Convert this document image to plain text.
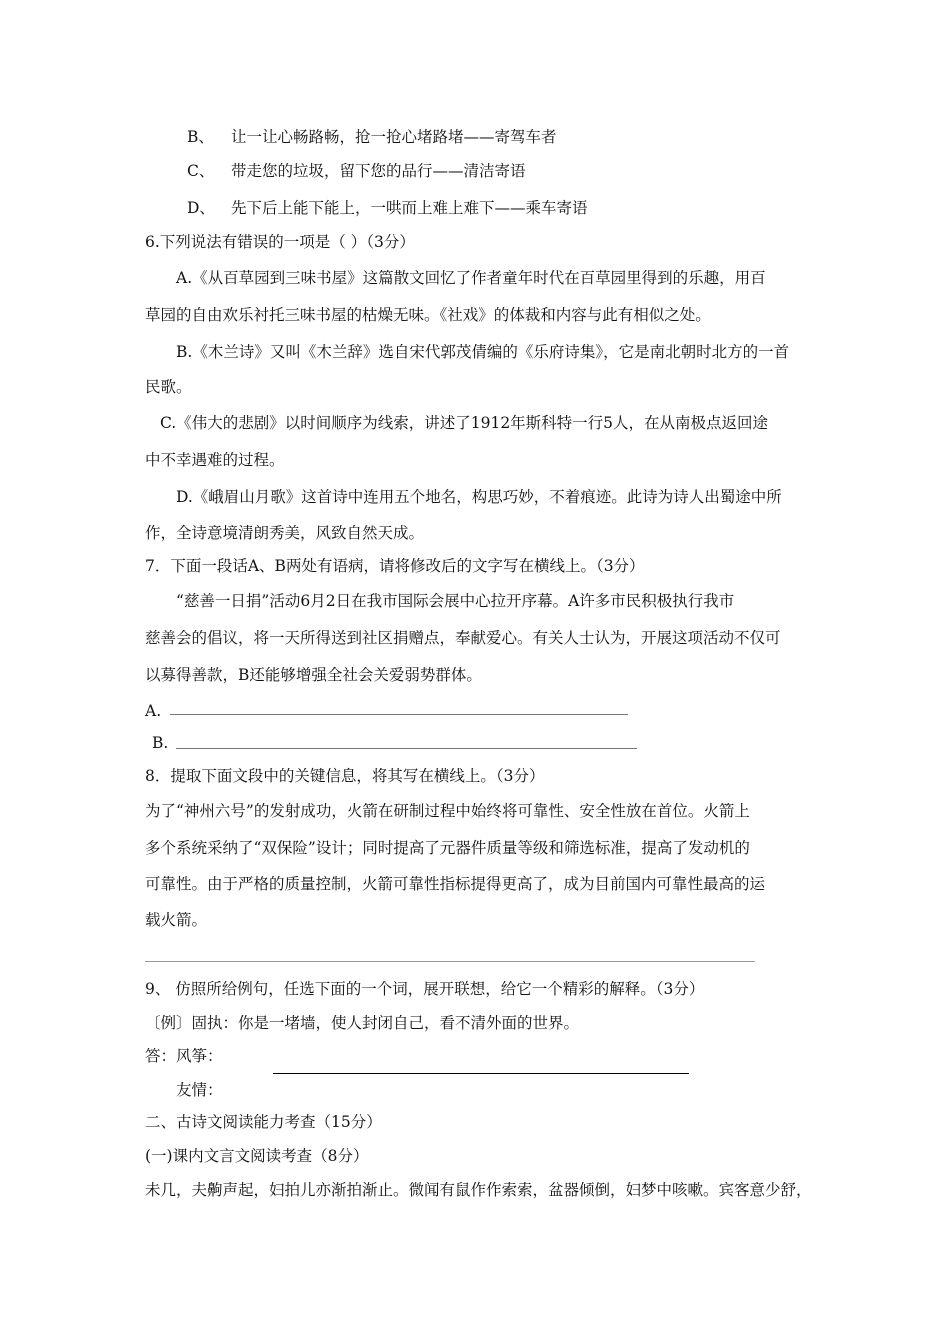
B、 让一让心畅路畅，抢一抢心堵路堵——寄驾车者
C、 带走您的垃圾，留下您的品行——清洁寄语
D、 先下后上能下能上，一哄而上难上难下——乘车寄语
6.下列说法有错误的一项是（ ）（3分）
A.《从百草园到三味书屋》这篇散文回忆了作者童年时代在百草园里得到的乐趣，用百
草园的自由欢乐衬托三味书屋的枯燥无味。《社戏》的体裁和内容与此有相似之处。
B.《木兰诗》又叫《木兰辞》选自宋代郭茂倩编的《乐府诗集》，它是南北朝时北方的一首
民歌。
C.《伟大的悲剧》以时间顺序为线索，讲述了1912年斯科特一行5人，在从南极点返回途
中不幸遇难的过程。
D.《峨眉山月歌》这首诗中连用五个地名，构思巧妙，不着痕迹。此诗为诗人出蜀途中所
作，全诗意境清朗秀美，风致自然天成。
7．下面一段话A、B两处有语病，请将修改后的文字写在横线上。（3分）
“慈善一日捐”活动6月2日在我市国际会展中心拉开序幕。A许多市民积极执行我市
慈善会的倡议，将一天所得送到社区捐赠点，奉献爱心。有关人士认为，开展这项活动不仅可
以募得善款，B还能够增强全社会关爱弱势群体。
A.
B.
8．提取下面文段中的关键信息，将其写在横线上。（3分）
为了“神州六号”的发射成功，火箭在研制过程中始终将可靠性、安全性放在首位。火箭上
多个系统采纳了“双保险”设计；同时提高了元器件质量等级和筛选标准，提高了发动机的
可靠性。由于严格的质量控制，火箭可靠性指标提得更高了，成为目前国内可靠性最高的运
载火箭。
9、 仿照所给例句，任选下面的一个词，展开联想，给它一个精彩的解释。（3分）
〔例〕固执：你是一堵墙，使人封闭自己，看不清外面的世界。
答：风筝：
友情：
二、古诗文阅读能力考查（15分）
(一)课内文言文阅读考查（8分）
未几，夫齁声起，妇拍儿亦渐拍渐止。微闻有鼠作作索索，盆器倾倒，妇梦中咳嗽。宾客意少舒，
